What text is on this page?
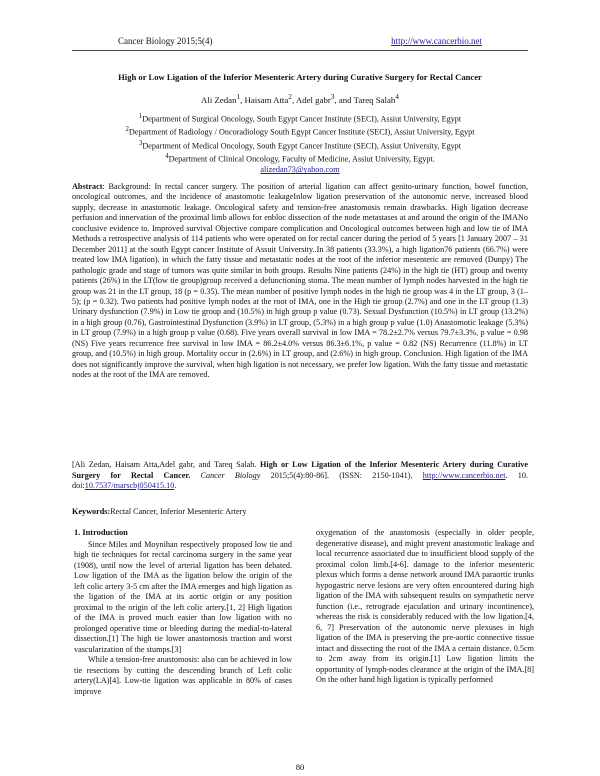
Cancer Biology 2015;5(4)	http://www.cancerbio.net
High or Low Ligation of the Inferior Mesenteric Artery during Curative Surgery for Rectal Cancer
Ali Zedan$^1$, Haisam Atta$^2$, Adel gabr$^3$, and Tareq Salah$^4$
$^1$Department of Surgical Oncology, South Egypt Cancer Institute (SECI), Assiut University, Egypt
$^2$Department of Radiology / Oncoradiology South Egypt Cancer Institute (SECI), Assiut University, Egypt
$^3$Department of Medical Oncology, South Egypt Cancer Institute (SECI), Assiut University, Egypt
$^4$Department of Clinical Oncology, Faculty of Medicine, Assiut University, Egypt.
alizedan73@yahoo.com
Abstract: Background: In rectal cancer surgery. The position of arterial ligation can affect genito-urinary function, bowel function, oncological outcomes, and the incidence of anastomotic leakageInlow ligation preservation of the autonomic nerve, increased blood supply, decrease in anastomotic leakage. Oncological safety and tension-free anastomosis remain drawbacks. High ligation decrease perfusion and innervation of the proximal limb allows for enbloc dissection of the node metastases at and around the origin of the IMANo conclusive evidence to. Improved survival Objective compare complication and Oncological outcomes between high and low tie of IMA Methods a retrospective analysis of 114 patients who were operated on for rectal cancer during the period of 5 years [1 January 2007 – 31 December 2011] at the south Egypt cancer Institute of Assuit University..In 38 patients (33.3%), a high ligation76 patients (66.7%) were treated low IMA ligation). in which the fatty tissue and metastatic nodes at the root of the inferior mesenteric are removed (Dunpy) The pathologic grade and stage of tumors was quite similar in both groups. Results Nine patients (24%) in the high tie (HT) group and twenty patients (26%) in the LT(low tie group)group received a defunctioning stoma. The mean number of lymph nodes harvested in the high tie group was 21 in the LT group, 18 (p = 0.35). The mean number of positive lymph nodes in the high tie group was 4 in the LT group, 3 (1–5); (p = 0.32). Two patients had positive lymph nodes at the root of IMA, one in the High tie group (2.7%) and one in the LT group (1.3) Urinary dysfunction (7.9%) in Low tie group and (10.5%) in high group p value (0.73). Sexual Dysfunction (10.5%) in LT group (13.2%) in a high group (0.76), Gastrointestinal Dysfunction (3.9%) in LT group, (5.3%) in a high group p value (1.0) Anastomotic leakage (5.3%) in LT group (7.9%) in a high group p value (0.68). Five years overall survival in low IMA = 78.2±2.7% versus 79.7±3.3%, p value = 0.98 (NS) Five years recurrence free survival in low IMA = 86.2±4.0% versus 86.3±6.1%, p value = 0.82 (NS) Recurrence (11.8%) in LT group, and (10.5%) in high group. Mortality occur in (2.6%) in LT group, and (2.6%) in high group. Conclusion. High ligation of the IMA does not significantly improve the survival, when high ligation is not necessary, we prefer low ligation. With the fatty tissue and metastatic nodes at the root of the IMA are removed.
[Ali Zedan, Haisam Atta,Adel gabr, and Tareq Salah. High or Low Ligation of the Inferior Mesenteric Artery during Curative Surgery for Rectal Cancer. Cancer Biology 2015;5(4):80-86]. (ISSN: 2150-1041). http://www.cancerbio.net. 10. doi:10.7537/marscbj050415.10.
Keywords:Rectal Cancer, Inferior Mesenteric Artery
1. Introduction

Since Miles and Moynihan respectively proposed low tie and high tie techniques for rectal carcinoma surgery in the same year (1908), until now the level of arterial ligation has been debated. Low ligation of the IMA as the ligation below the origin of the left colic artery 3-5 cm after the IMA emerges and high ligation as the ligation of the IMA at its aortic origin or any position proximal to the origin of the left colic artery.[1, 2] High ligation of the IMA is proved much easier than low ligation with no prolonged operative time or bleeding during the medial-to-lateral dissection.[1] The high tie lower anastomosis traction and worst vascularization of the stumps.[3]

While a tension-free anastomosis: also can be achieved in low tie resections by cutting the descending branch of Left colic artery(LA)[4]. Low-tie ligation was applicable in 80% of cases improve

oxygenation of the anastomosis (especially in older people, degenerative disease), and might prevent anastomotic leakage and local recurrence associated due to insufficient blood supply of the proximal colon limb.[4-6]. damage to the inferior mesenteric plexus which forms a dense network around IMA paraortic trunks hypogastric nerve lesions are very often encountered during high ligation of the IMA with subsequent results on sympathetic nerve function (i.e., retrograde ejaculation and urinary incontinence), whereas the risk is considerably reduced with the low ligation.[4, 6, 7] Preservation of the autonomic nerve plexuses in high ligation of the IMA is preserving the pre-aortic connective tissue intact and dissecting the root of the IMA a certain distance. 0.5cm to 2cm away from its origin.[1] Low ligation limits the opportunity of lymph-nodes clearance at the origin of the IMA.[8] On the other hand high ligation is typically performed

80
